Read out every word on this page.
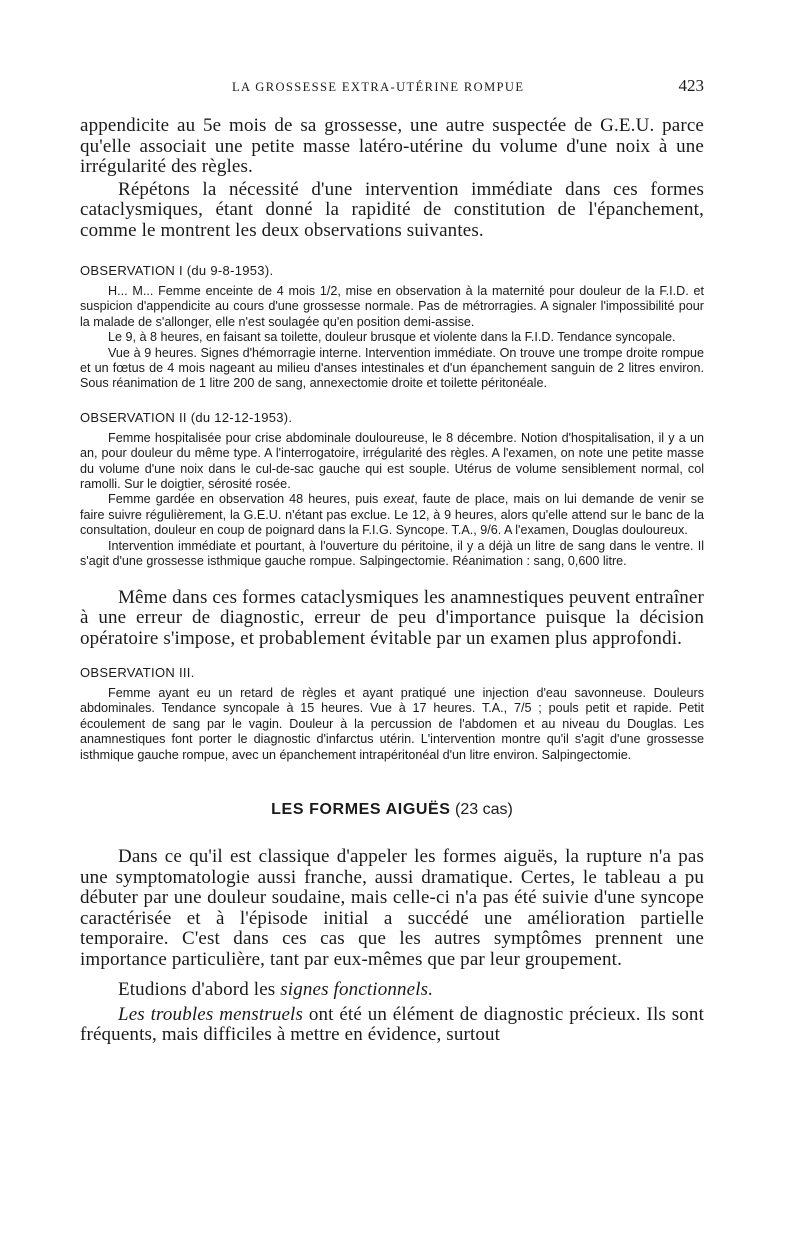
LA GROSSESSE EXTRA-UTÉRINE ROMPUE	423

appendicite au 5e mois de sa grossesse, une autre suspectée de G.E.U. parce qu'elle associait une petite masse latéro-utérine du volume d'une noix à une irrégularité des règles.

Répétons la nécessité d'une intervention immédiate dans ces formes cataclysmiques, étant donné la rapidité de constitution de l'épanchement, comme le montrent les deux observations suivantes.

OBSERVATION I (du 9-8-1953).

H... M... Femme enceinte de 4 mois 1/2, mise en observation à la maternité pour douleur de la F.I.D. et suspicion d'appendicite au cours d'une grossesse normale. Pas de métrorragies. A signaler l'impossibilité pour la malade de s'allonger, elle n'est soulagée qu'en position demi-assise.

Le 9, à 8 heures, en faisant sa toilette, douleur brusque et violente dans la F.I.D. Tendance syncopale.

Vue à 9 heures. Signes d'hémorragie interne. Intervention immédiate. On trouve une trompe droite rompue et un fœtus de 4 mois nageant au milieu d'anses intestinales et d'un épanchement sanguin de 2 litres environ. Sous réanimation de 1 litre 200 de sang, annexectomie droite et toilette péritonéale.

OBSERVATION II (du 12-12-1953).

Femme hospitalisée pour crise abdominale douloureuse, le 8 décembre. Notion d'hospitalisation, il y a un an, pour douleur du même type. A l'interrogatoire, irrégularité des règles. A l'examen, on note une petite masse du volume d'une noix dans le cul-de-sac gauche qui est souple. Utérus de volume sensiblement normal, col ramolli. Sur le doigtier, sérosité rosée.

Femme gardée en observation 48 heures, puis exeat, faute de place, mais on lui demande de venir se faire suivre régulièrement, la G.E.U. n'étant pas exclue. Le 12, à 9 heures, alors qu'elle attend sur le banc de la consultation, douleur en coup de poignard dans la F.I.G. Syncope. T.A., 9/6. A l'examen, Douglas douloureux.

Intervention immédiate et pourtant, à l'ouverture du péritoine, il y a déjà un litre de sang dans le ventre. Il s'agit d'une grossesse isthmique gauche rompue. Salpingectomie. Réanimation : sang, 0,600 litre.

Même dans ces formes cataclysmiques les anamnestiques peuvent entraîner à une erreur de diagnostic, erreur de peu d'importance puisque la décision opératoire s'impose, et probablement évitable par un examen plus approfondi.

OBSERVATION III.

Femme ayant eu un retard de règles et ayant pratiqué une injection d'eau savonneuse. Douleurs abdominales. Tendance syncopale à 15 heures. Vue à 17 heures. T.A., 7/5 ; pouls petit et rapide. Petit écoulement de sang par le vagin. Douleur à la percussion de l'abdomen et au niveau du Douglas. Les anamnestiques font porter le diagnostic d'infarctus utérin. L'intervention montre qu'il s'agit d'une grossesse isthmique gauche rompue, avec un épanchement intrapéritonéal d'un litre environ. Salpingectomie.

LES FORMES AIGUËS (23 cas)

Dans ce qu'il est classique d'appeler les formes aiguës, la rupture n'a pas une symptomatologie aussi franche, aussi dramatique. Certes, le tableau a pu débuter par une douleur soudaine, mais celle-ci n'a pas été suivie d'une syncope caractérisée et à l'épisode initial a succédé une amélioration partielle temporaire. C'est dans ces cas que les autres symptômes prennent une importance particulière, tant par eux-mêmes que par leur groupement.

Etudions d'abord les signes fonctionnels.

Les troubles menstruels ont été un élément de diagnostic précieux. Ils sont fréquents, mais difficiles à mettre en évidence, surtout
